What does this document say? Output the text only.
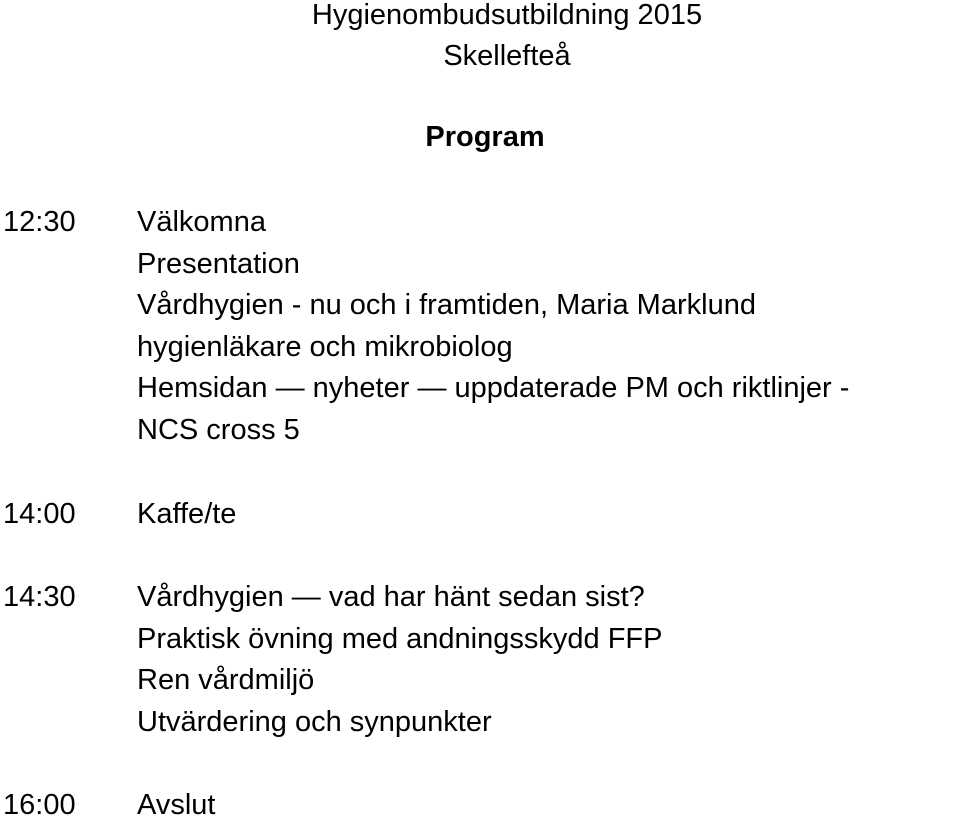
Hygienombudsutbildning 2015
Skellefteå
Program
12:30 Välkomna
Presentation
Vårdhygien - nu och i framtiden, Maria Marklund
hygienläkare och mikrobiolog
Hemsidan — nyheter — uppdaterade PM och riktlinjer -
NCS cross 5
14:00 Kaffe/te
14:30 Vårdhygien — vad har hänt sedan sist?
Praktisk övning med andningsskydd FFP
Ren vårdmiljö
Utvärdering och synpunkter
16:00 Avslut
